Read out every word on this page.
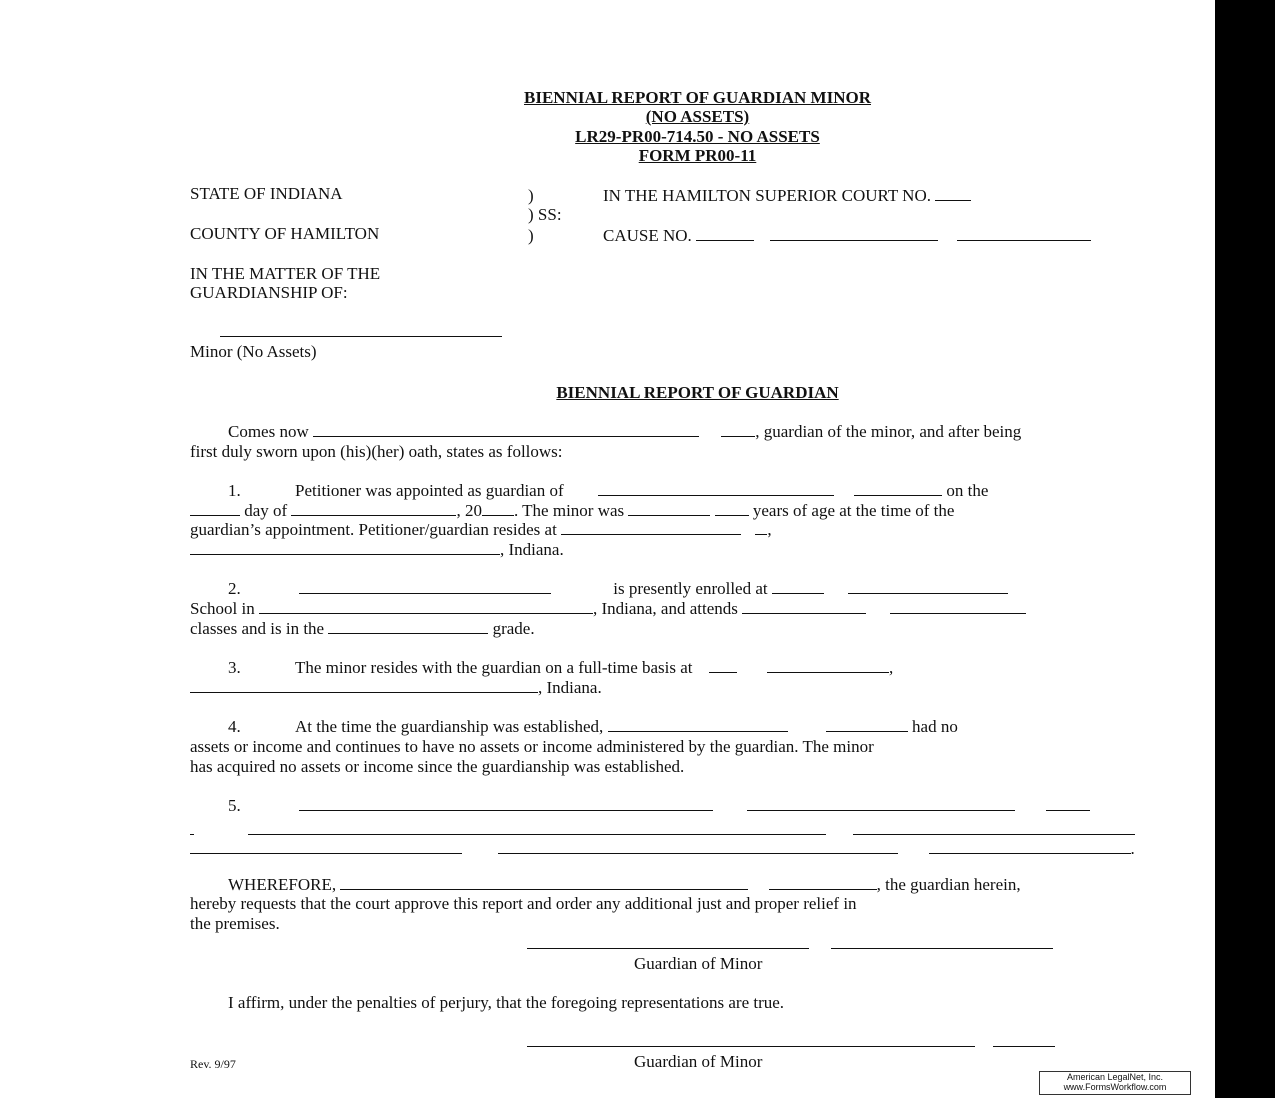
BIENNIAL REPORT OF GUARDIAN MINOR
(NO ASSETS)
LR29-PR00-714.50 - NO ASSETS
FORM PR00-11
STATE OF INDIANA	)
) SS:
)
IN THE HAMILTON SUPERIOR COURT NO.
COUNTY OF HAMILTON	CAUSE NO.
IN THE MATTER OF THE
GUARDIANSHIP OF:
Minor (No Assets)
BIENNIAL REPORT OF GUARDIAN
Comes now	, guardian of the minor, and after being
first duly sworn upon (his)(her) oath, states as follows:
1.	Petitioner was appointed as guardian of	on the
day of	, 20 . The minor was	years of age at the time of the
guardian’s appointment. Petitioner/guardian resides at	,
, Indiana.
2.	is presently enrolled at
School in	, Indiana, and attends
classes and is in the	grade.
3.	The minor resides with the guardian on a full-time basis at	,
, Indiana.
4.	At the time the guardianship was established,	had no
assets or income and continues to have no assets or income administered by the guardian. The minor
has acquired no assets or income since the guardianship was established.
5.

.
WHEREFORE,	, the guardian herein,
hereby requests that the court approve this report and order any additional just and proper relief in
the premises.

Guardian of Minor
I affirm, under the penalties of perjury, that the foregoing representations are true.

Rev. 9/97	Guardian of Minor
American LegalNet, Inc.
www.FormsWorkflow.com
